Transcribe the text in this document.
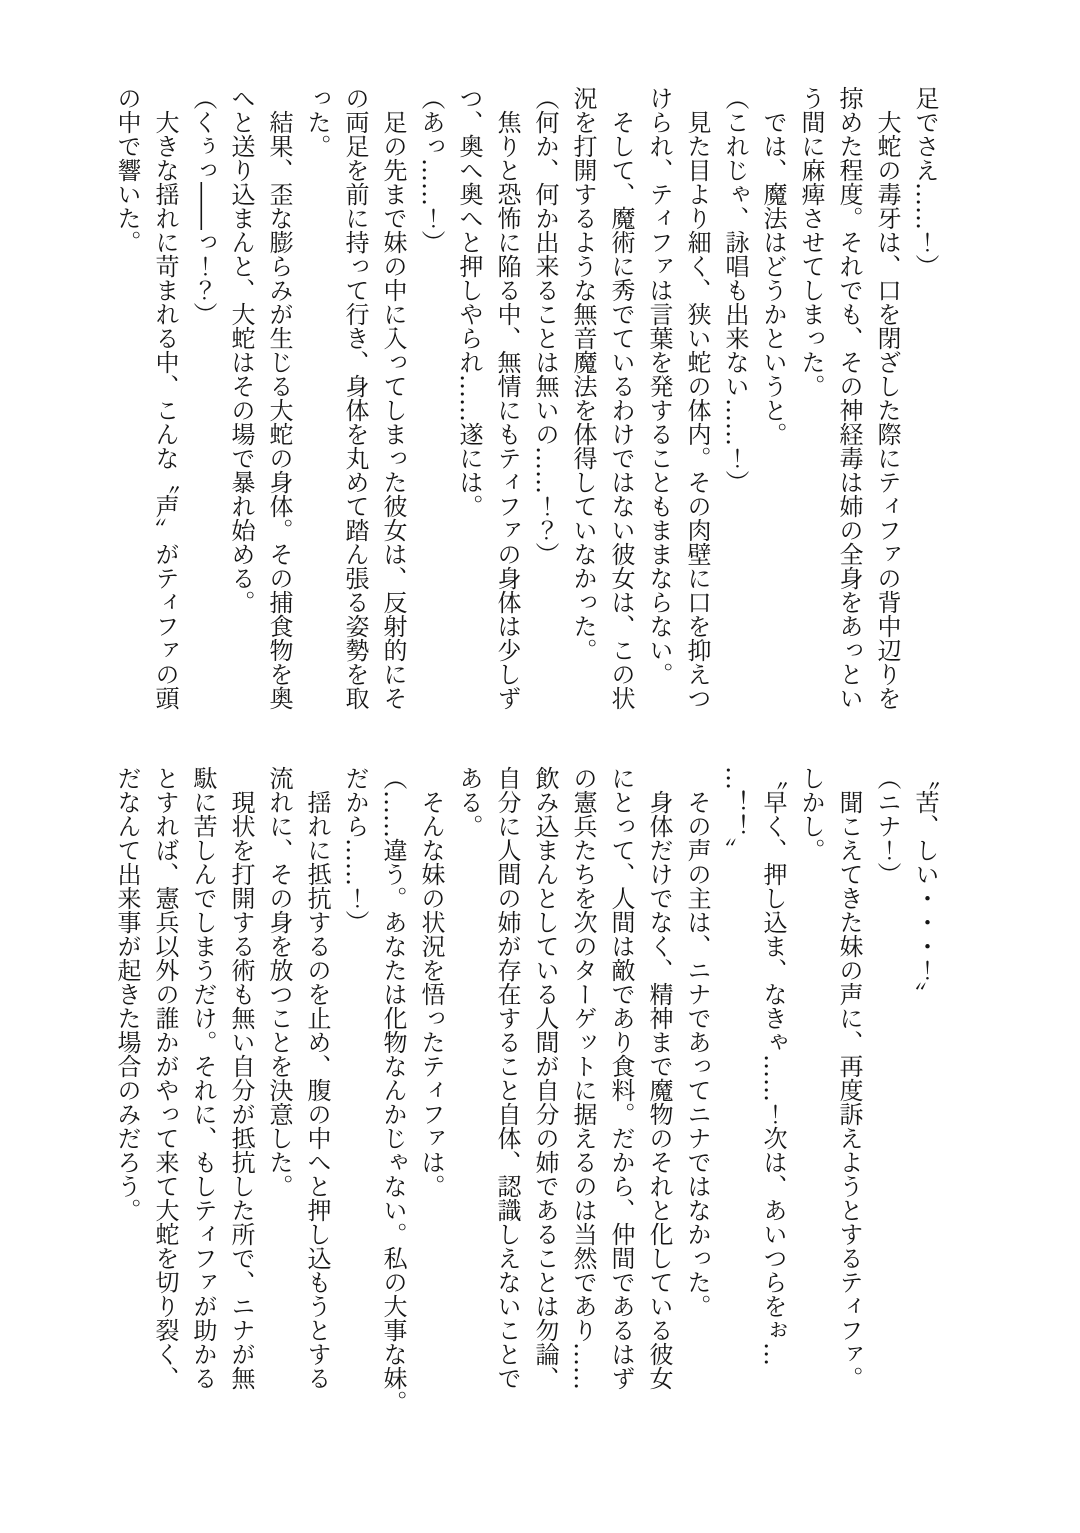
足でさえ……！）
　大蛇の毒牙は、口を閉ざした際にティファの背中辺りを
掠めた程度。それでも、その神経毒は姉の全身をあっとい
う間に麻痺させてしまった。
　では、魔法はどうかというと。
（これじゃ、詠唱も出来ない……！）
　見た目より細く、狭い蛇の体内。その肉壁に口を抑えつ
けられ、ティファは言葉を発することもままならない。
　そして、魔術に秀でているわけではない彼女は、この状
況を打開するような無音魔法を体得していなかった。
（何か、何か出来ることは無いの……！？）
　焦りと恐怖に陥る中、無情にもティファの身体は少しず
つ、奥へ奥へと押しやられ……遂には。
（あっ……！）
　足の先まで妹の中に入ってしまった彼女は、反射的にそ
の両足を前に持って行き、身体を丸めて踏ん張る姿勢を取
った。
　結果、歪な膨らみが生じる大蛇の身体。その捕食物を奥
へと送り込まんと、大蛇はその場で暴れ始める。
（くぅっ――っ！？）
　大きな揺れに苛まれる中、こんな〝声〟がティファの頭
の中で響いた。
〝苦、しい・・・！〟
（ニナ！）
　聞こえてきた妹の声に、再度訴えようとするティファ。
しかし。
〝早く、押し込ま、なきゃ……！次は、あいつらをぉ…
…！！〟
　その声の主は、ニナであってニナではなかった。
　身体だけでなく、精神まで魔物のそれと化している彼女
にとって、人間は敵であり食料。だから、仲間であるはず
の憲兵たちを次のターゲットに据えるのは当然であり……
飲み込まんとしている人間が自分の姉であることは勿論、
自分に人間の姉が存在すること自体、認識しえないことで
ある。
　そんな妹の状況を悟ったティファは。
（……違う。あなたは化物なんかじゃない。私の大事な妹。
だから……！）
　揺れに抵抗するのを止め、腹の中へと押し込もうとする
流れに、その身を放つことを決意した。
　現状を打開する術も無い自分が抵抗した所で、ニナが無
駄に苦しんでしまうだけ。それに、もしティファが助かる
とすれば、憲兵以外の誰かがやって来て大蛇を切り裂く、
だなんて出来事が起きた場合のみだろう。
